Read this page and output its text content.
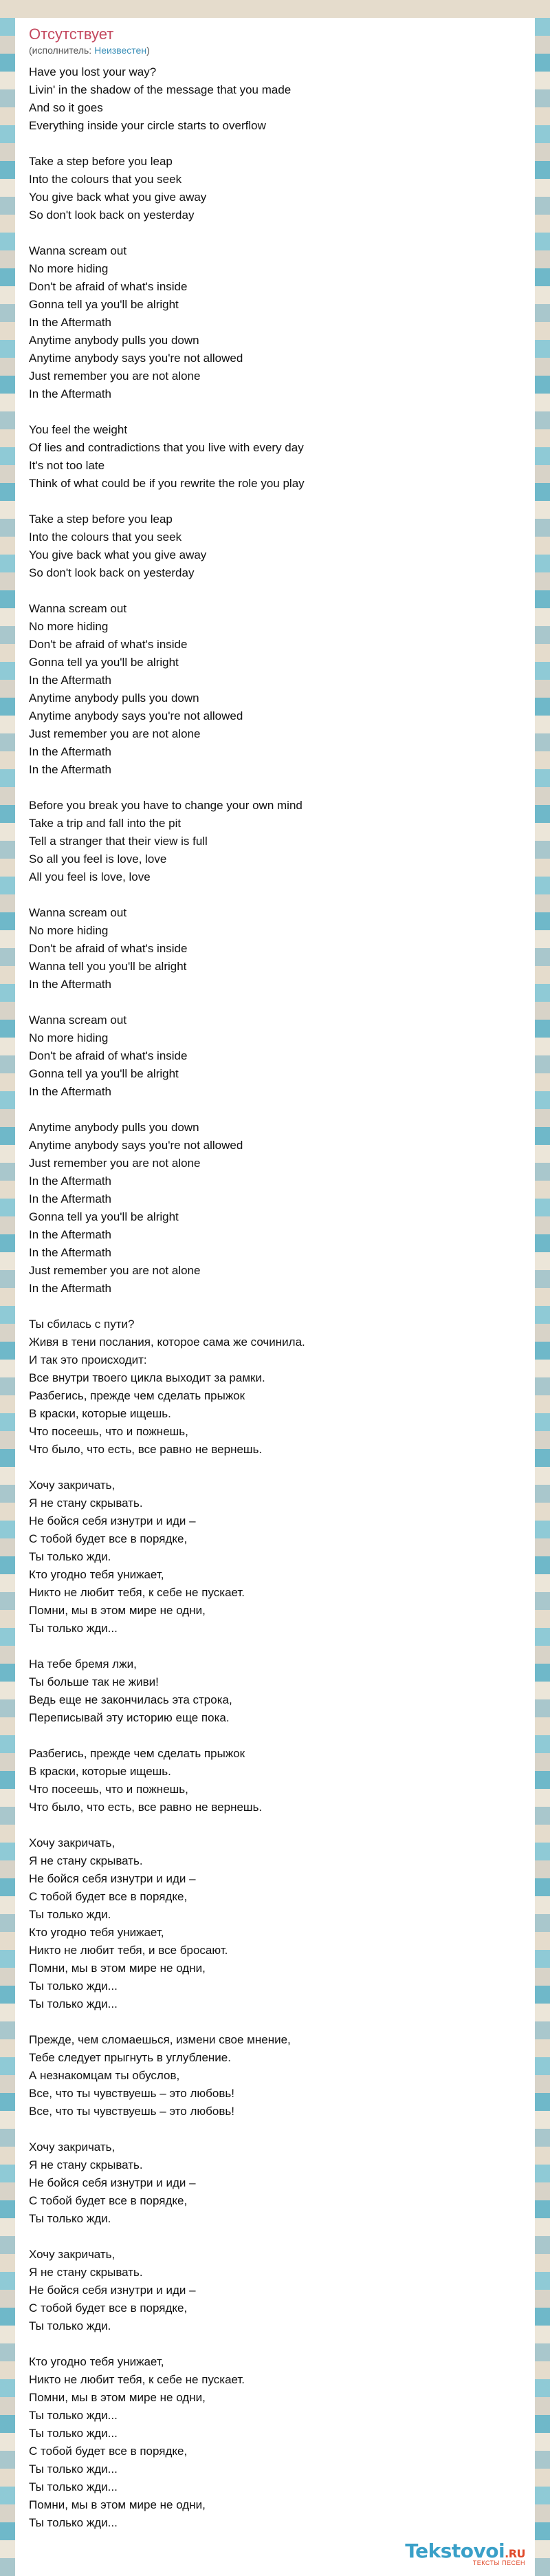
Отсутствует
(исполнитель: Неизвестен)
Have you lost your way?
Livin' in the shadow of the message that you made
And so it goes
Everything inside your circle starts to overflow
Take a step before you leap
Into the colours that you seek
You give back what you give away
So don't look back on yesterday
Wanna scream out
No more hiding
Don't be afraid of what's inside
Gonna tell ya you'll be alright
In the Aftermath
Anytime anybody pulls you down
Anytime anybody says you're not allowed
Just remember you are not alone
In the Aftermath
You feel the weight
Of lies and contradictions that you live with every day
It's not too late
Think of what could be if you rewrite the role you play
Take a step before you leap
Into the colours that you seek
You give back what you give away
So don't look back on yesterday
Wanna scream out
No more hiding
Don't be afraid of what's inside
Gonna tell ya you'll be alright
In the Aftermath
Anytime anybody pulls you down
Anytime anybody says you're not allowed
Just remember you are not alone
In the Aftermath
In the Aftermath
Before you break you have to change your own mind
Take a trip and fall into the pit
Tell a stranger that their view is full
So all you feel is love, love
All you feel is love, love
Wanna scream out
No more hiding
Don't be afraid of what's inside
Wanna tell you you'll be alright
In the Aftermath
Wanna scream out
No more hiding
Don't be afraid of what's inside
Gonna tell ya you'll be alright
In the Aftermath
Anytime anybody pulls you down
Anytime anybody says you're not allowed
Just remember you are not alone
In the Aftermath
In the Aftermath
Gonna tell ya you'll be alright
In the Aftermath
In the Aftermath
Just remember you are not alone
In the Aftermath
Ты сбилась с пути?
Живя в тени послания, которое сама же сочинила.
И так это происходит:
Все внутри твоего цикла выходит за рамки.
Разбегись, прежде чем сделать прыжок
В краски, которые ищешь.
Что посеешь, что и пожнешь,
Что было, что есть, все равно не вернешь.
Хочу закричать,
Я не стану скрывать.
Не бойся себя изнутри и иди –
С тобой будет все в порядке,
Ты только жди.
Кто угодно тебя унижает,
Никто не любит тебя, к себе не пускает.
Помни, мы в этом мире не одни,
Ты только жди...
На тебе бремя лжи,
Ты больше так не живи!
Ведь еще не закончилась эта строка,
Переписывай эту историю еще пока.
Разбегись, прежде чем сделать прыжок
В краски, которые ищешь.
Что посеешь, что и пожнешь,
Что было, что есть, все равно не вернешь.
Хочу закричать,
Я не стану скрывать.
Не бойся себя изнутри и иди –
С тобой будет все в порядке,
Ты только жди.
Кто угодно тебя унижает,
Никто не любит тебя, и все бросают.
Помни, мы в этом мире не одни,
Ты только жди...
Ты только жди...
Прежде, чем сломаешься, измени свое мнение,
Тебе следует прыгнуть в углубление.
А незнакомцам ты обуслов,
Все, что ты чувствуешь – это любовь!
Все, что ты чувствуешь – это любовь!
Хочу закричать,
Я не стану скрывать.
Не бойся себя изнутри и иди –
С тобой будет все в порядке,
Ты только жди.
Хочу закричать,
Я не стану скрывать.
Не бойся себя изнутри и иди –
С тобой будет все в порядке,
Ты только жди.
Кто угодно тебя унижает,
Никто не любит тебя, к себе не пускает.
Помни, мы в этом мире не одни,
Ты только жди...
Ты только жди...
С тобой будет все в порядке,
Ты только жди...
Ты только жди...
Помни, мы в этом мире не одни,
Ты только жди...
Tekstovoi.RU
ТЕКСТЫ ПЕСЕН
